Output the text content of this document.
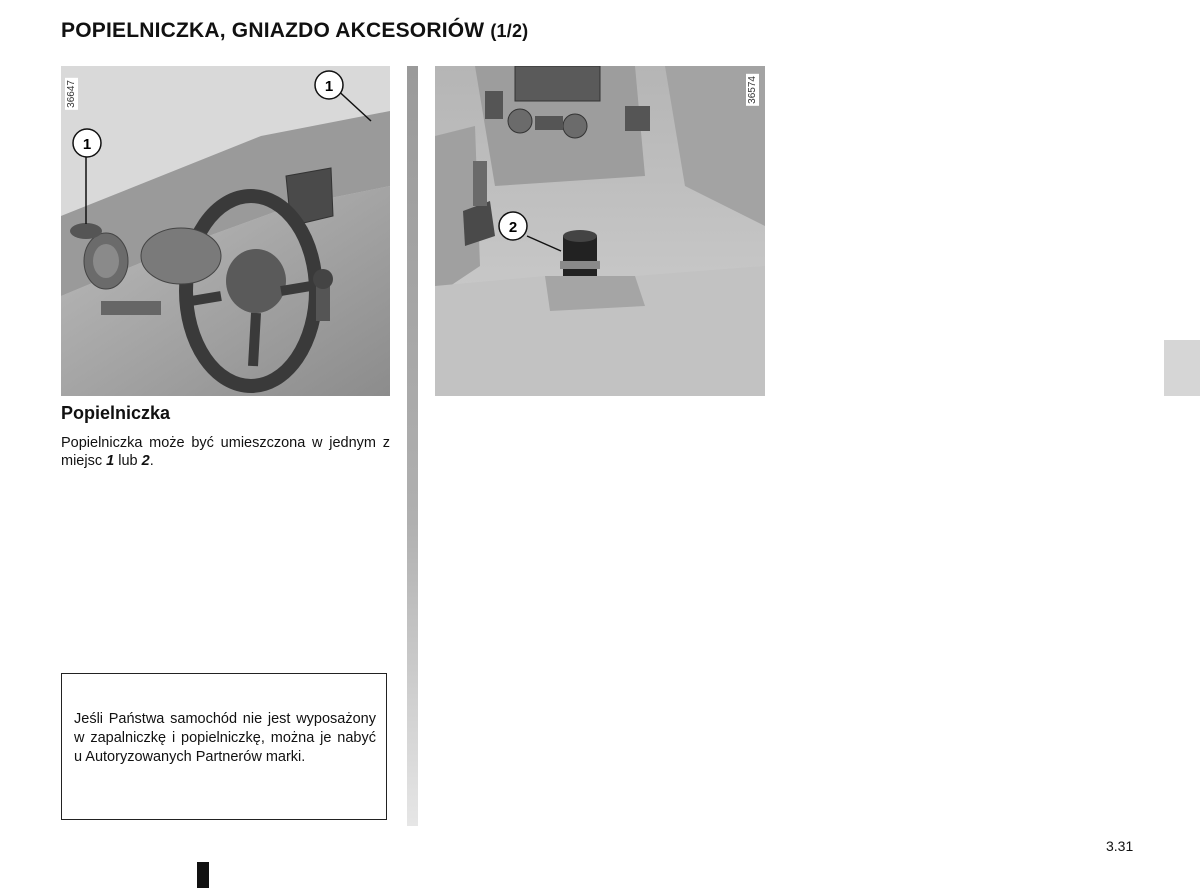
POPIELNICZKA, GNIAZDO AKCESORIÓW (1/2)
1
1
36647
2
36574
Popielniczka
Popielniczka może być umieszczona w jednym z miejsc 1 lub 2.
Jeśli Państwa samochód nie jest wyposażony w zapalniczkę i popielniczkę, można je nabyć u Autoryzowanych Partnerów marki.
3.31
